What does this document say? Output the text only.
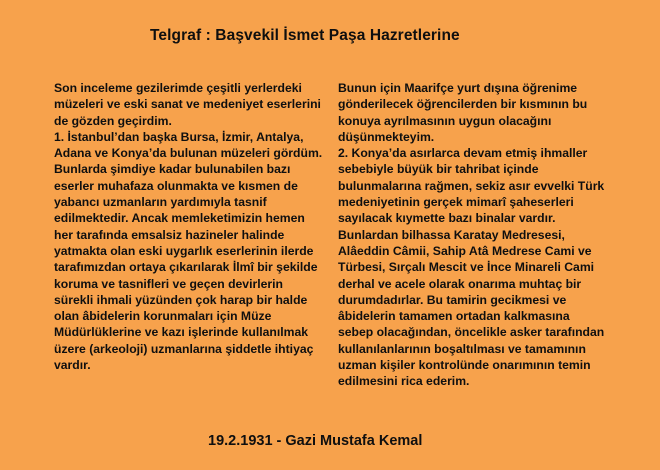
Telgraf : Başvekil İsmet Paşa Hazretlerine
Son inceleme gezilerimde çeşitli yerlerdeki
müzeleri ve eski sanat ve medeniyet eserlerini
de gözden geçirdim.
1. İstanbul’dan başka Bursa, İzmir, Antalya,
Adana ve Konya’da bulunan müzeleri gördüm.
Bunlarda şimdiye kadar bulunabilen bazı
eserler muhafaza olunmakta ve kısmen de
yabancı uzmanların yardımıyla tasnif
edilmektedir. Ancak memleketimizin hemen
her tarafında emsalsiz hazineler halinde
yatmakta olan eski uygarlık eserlerinin ilerde
tarafımızdan ortaya çıkarılarak İlmî bir şekilde
koruma ve tasnifleri ve geçen devirlerin
sürekli ihmali yüzünden çok harap bir halde
olan âbidelerin korunmaları için Müze
Müdürlüklerine ve kazı işlerinde kullanılmak
üzere (arkeoloji) uzmanlarına şiddetle ihtiyaç
vardır.
Bunun için Maarifçe yurt dışına öğrenime
gönderilecek öğrencilerden bir kısmının bu
konuya ayrılmasının uygun olacağını
düşünmekteyim.
2. Konya’da asırlarca devam etmiş ihmaller
sebebiyle büyük bir tahribat içinde
bulunmalarına rağmen, sekiz asır evvelki Türk
medeniyetinin gerçek mimarî şaheserleri
sayılacak kıymette bazı binalar vardır.
Bunlardan bilhassa Karatay Medresesi,
Alâeddin Câmii, Sahip Atâ Medrese Cami ve
Türbesi, Sırçalı Mescit ve İnce Minareli Cami
derhal ve acele olarak onarıma muhtaç bir
durumdadırlar. Bu tamirin gecikmesi ve
âbidelerin tamamen ortadan kalkmasına
sebep olacağından, öncelikle asker tarafından
kullanılanlarının boşaltılması ve tamamının
uzman kişiler kontrolünde onarımının temin
edilmesini rica ederim.
19.2.1931 - Gazi Mustafa Kemal
